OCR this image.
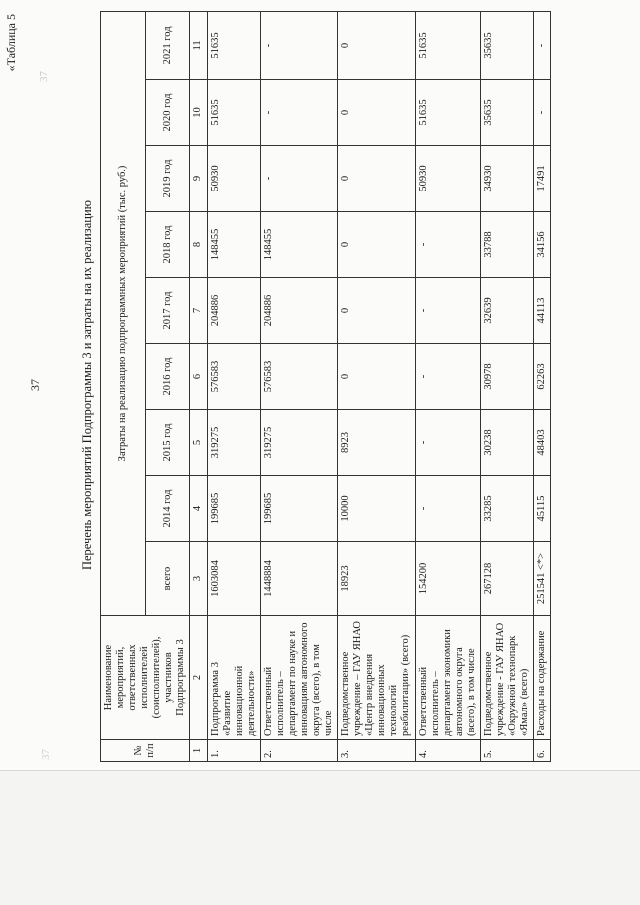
37
37
37
«Таблица 5
Перечень мероприятий Подпрограммы 3 и затраты на их реализацию
№ п/п	Наименование мероприятий, ответственных исполнителей (соисполнителей), участников Подпрограммы 3	Затраты на реализацию подпрограммных мероприятий (тыс. руб.)								
		всего	2014 год	2015 год	2016 год	2017 год	2018 год	2019 год	2020 год	2021 год
1	2	3	4	5	6	7	8	9	10	11
1.	Подпрограмма 3 «Развитие инновационной деятельности»	1603084	199685	319275	576583	204886	148455	50930	51635	51635
2.	Ответственный исполнитель – департамент по науке и инновациям автономного округа (всего), в том числе	1448884	199685	319275	576583	204886	148455	-	-	-
3.	Подведомственное учреждение – ГАУ ЯНАО «Центр внедрения инновационных технологий реабилитации» (всего)	18923	10000	8923	0	0	0	0	0	0
4.	Ответственный исполнитель – департамент экономики автономного округа (всего), в том числе	154200	-	-	-	-	-	50930	51635	51635
5.	Подведомственное учреждение - ГАУ ЯНАО «Окружной технопарк «Ямал» (всего)	267128	33285	30238	30978	32639	33788	34930	35635	35635
6.	Расходы на содержание	251541 <*>	45115	48403	62263	44113	34156	17491	-	-
